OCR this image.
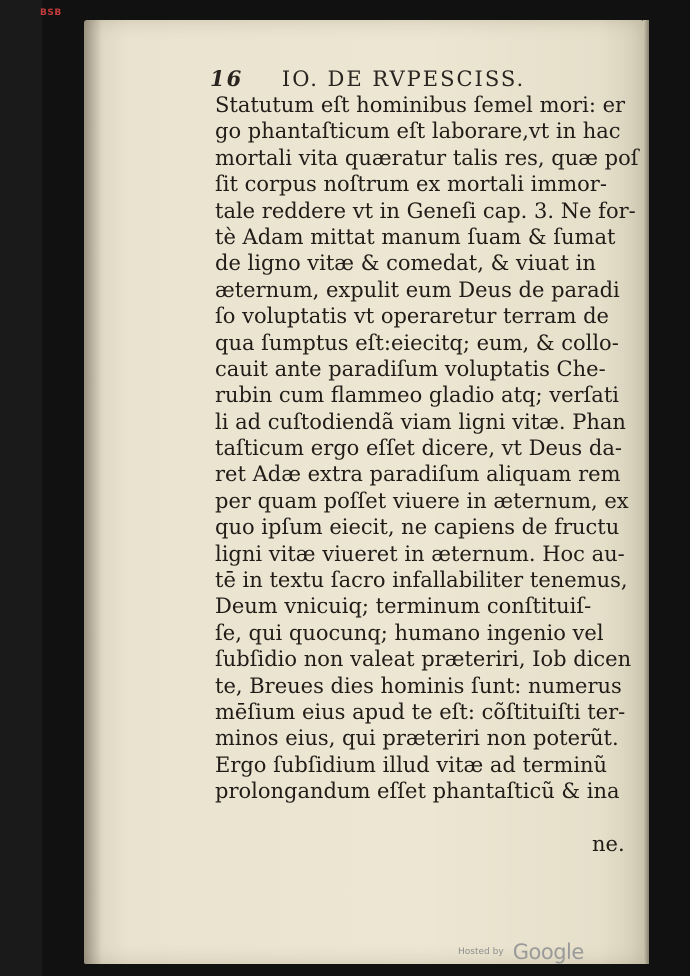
BSB
16 IO. DE RVPESCISS.
Statutum eſt hominibus ſemel mori: er
go phantaſticum eſt laborare,vt in hac
mortali vita quæratur talis res, quæ poſ
ſit corpus noſtrum ex mortali immor-
tale reddere vt in Geneſi cap. 3. Ne for-
tè Adam mittat manum ſuam & ſumat
de ligno vitæ & comedat, & viuat in
æternum, expulit eum Deus de paradi
ſo voluptatis vt operaretur terram de
qua ſumptus eſt:eiecitq; eum, & collo-
cauit ante paradiſum voluptatis Che-
rubin cum flammeo gladio atq; verſati
li ad cuſtodiendã viam ligni vitæ. Phan
taſticum ergo eſſet dicere, vt Deus da-
ret Adæ extra paradiſum aliquam rem
per quam poſſet viuere in æternum, ex
quo ipſum eiecit, ne capiens de fructu
ligni vitæ viueret in æternum. Hoc au-
tē in textu ſacro infallabiliter tenemus,
Deum vnicuiq; terminum conſtituiſ-
ſe, qui quocunq; humano ingenio vel
ſubſidio non valeat præteriri, Iob dicen
te, Breues dies hominis ſunt: numerus
mēſium eius apud te eſt: cõſtituiſti ter-
minos eius, qui præteriri non poterũt.
Ergo ſubſidium illud vitæ ad terminũ
prolongandum eſſet phantaſticũ & ina
ne.
Hosted by Google
